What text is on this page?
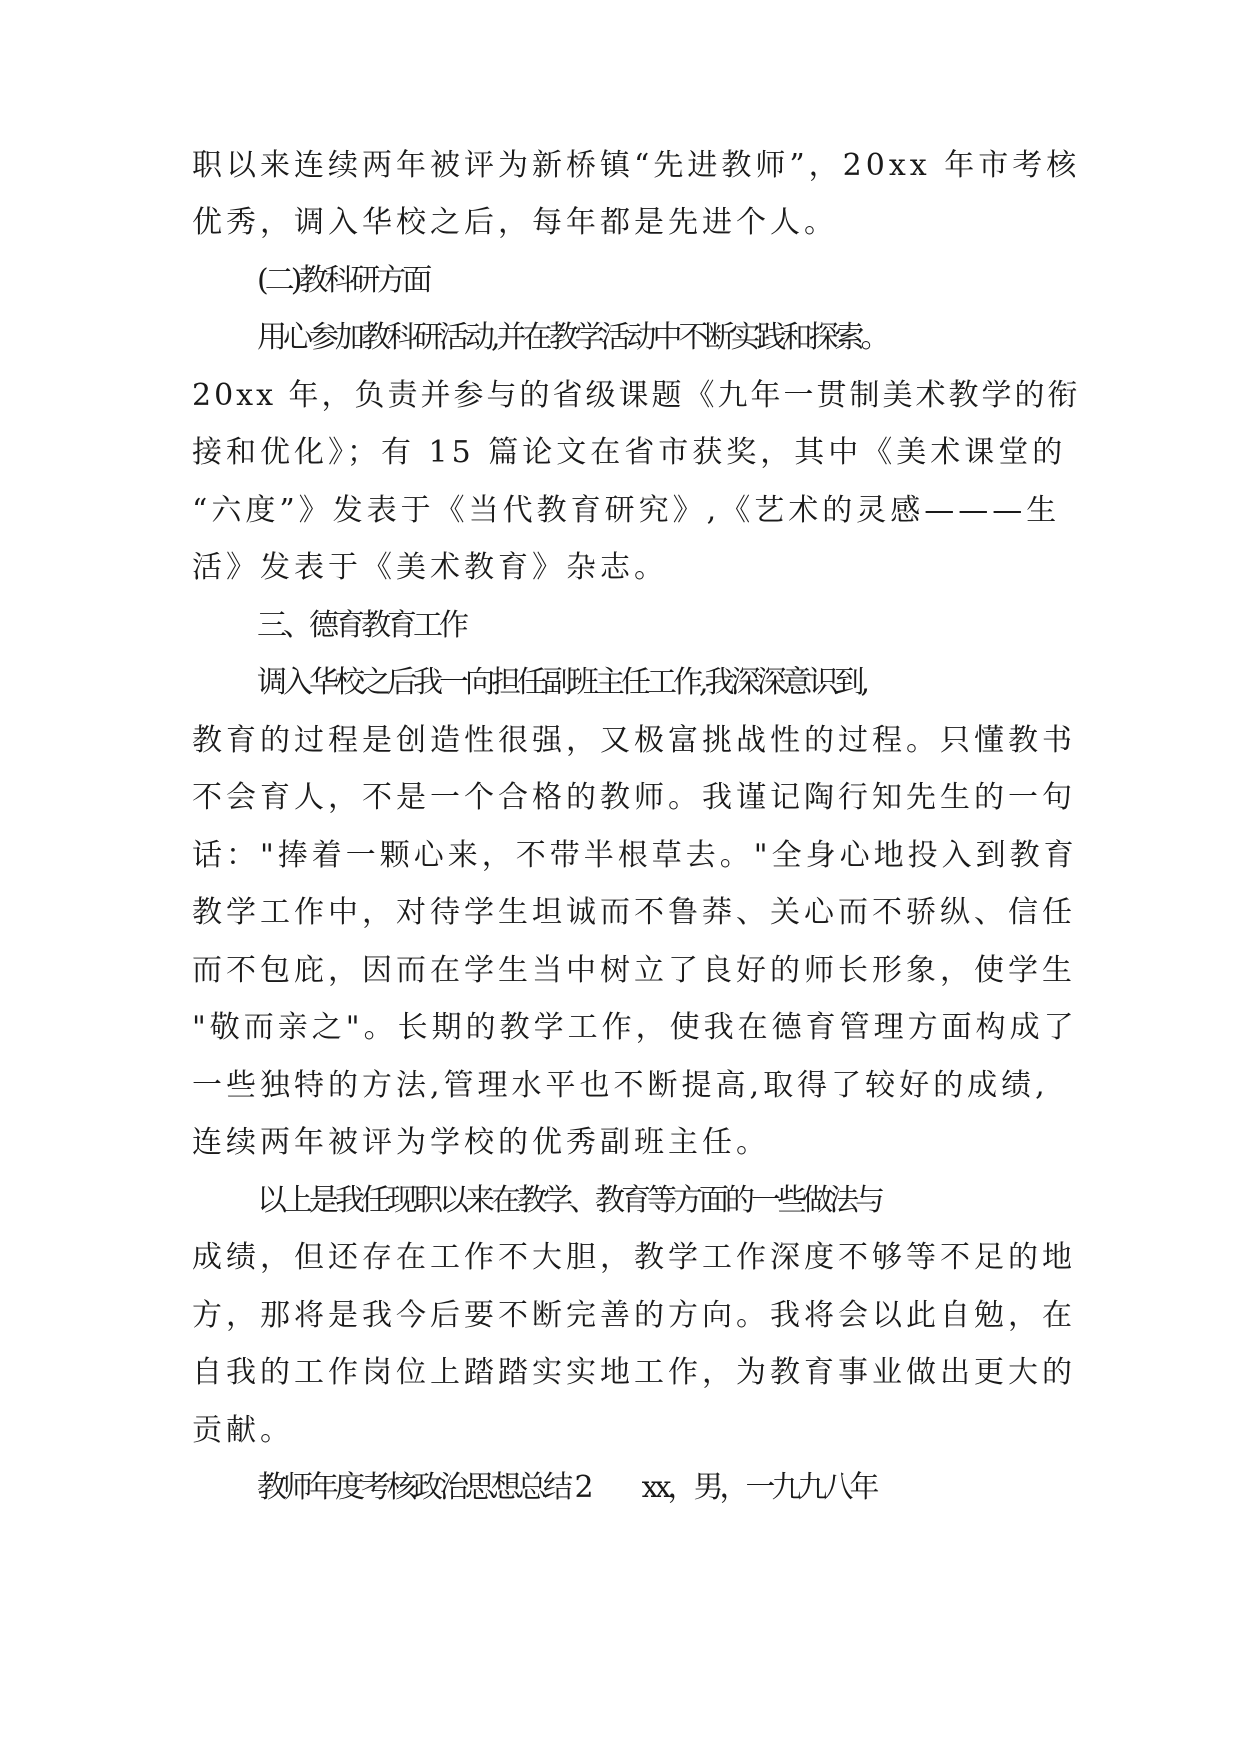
职以来连续两年被评为新桥镇“先进教师”，20xx 年市考核
优秀，调入华校之后，每年都是先进个人。
(二)教科研方面
用心参加教科研活动,并在教学活动中不断实践和探索。
20xx 年，负责并参与的省级课题《九年一贯制美术教学的衔
接和优化》；有 15 篇论文在省市获奖，其中《美术课堂的
“六度”》发表于《当代教育研究》,《艺术的灵感———生
活》发表于《美术教育》杂志。
三、德育教育工作
调入华校之后我一向担任副班主任工作,我深深意识到,
教育的过程是创造性很强，又极富挑战性的过程。只懂教书
不会育人，不是一个合格的教师。我谨记陶行知先生的一句
话："捧着一颗心来，不带半根草去。"全身心地投入到教育
教学工作中，对待学生坦诚而不鲁莽、关心而不骄纵、信任
而不包庇，因而在学生当中树立了良好的师长形象，使学生
"敬而亲之"。长期的教学工作，使我在德育管理方面构成了
一些独特的方法,管理水平也不断提高,取得了较好的成绩,
连续两年被评为学校的优秀副班主任。
以上是我任现职以来在教学、教育等方面的一些做法与
成绩，但还存在工作不大胆，教学工作深度不够等不足的地
方，那将是我今后要不断完善的方向。我将会以此自勉，在
自我的工作岗位上踏踏实实地工作，为教育事业做出更大的
贡献。
教师年度考核政治思想总结 2　　xx，男，一九九八年
